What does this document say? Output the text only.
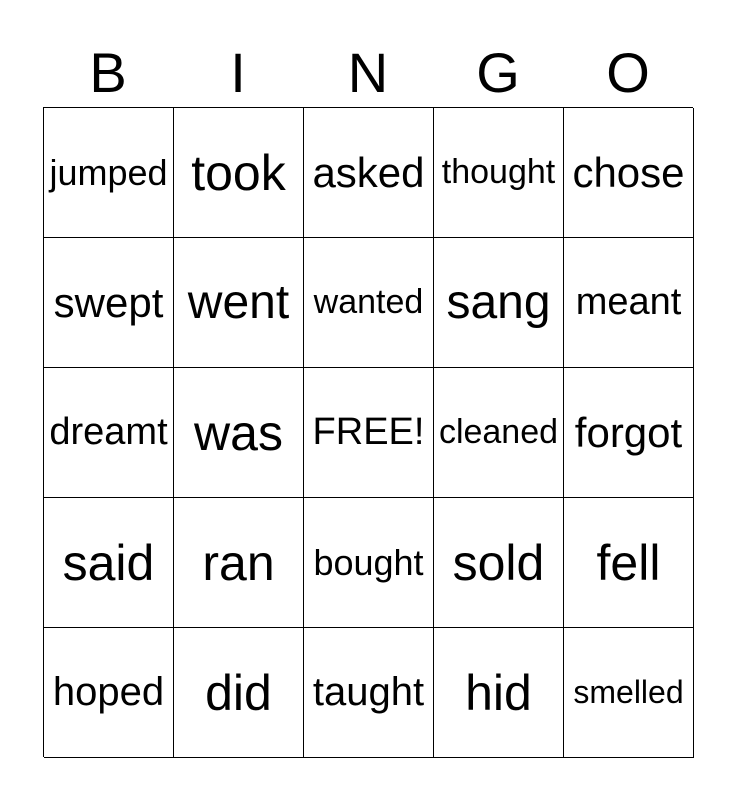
B	I	N	G	O
jumped took asked thought chose
swept went wanted sang meant
dreamt was FREE! cleaned forgot
said ran bought sold fell
hoped did taught hid smelled
